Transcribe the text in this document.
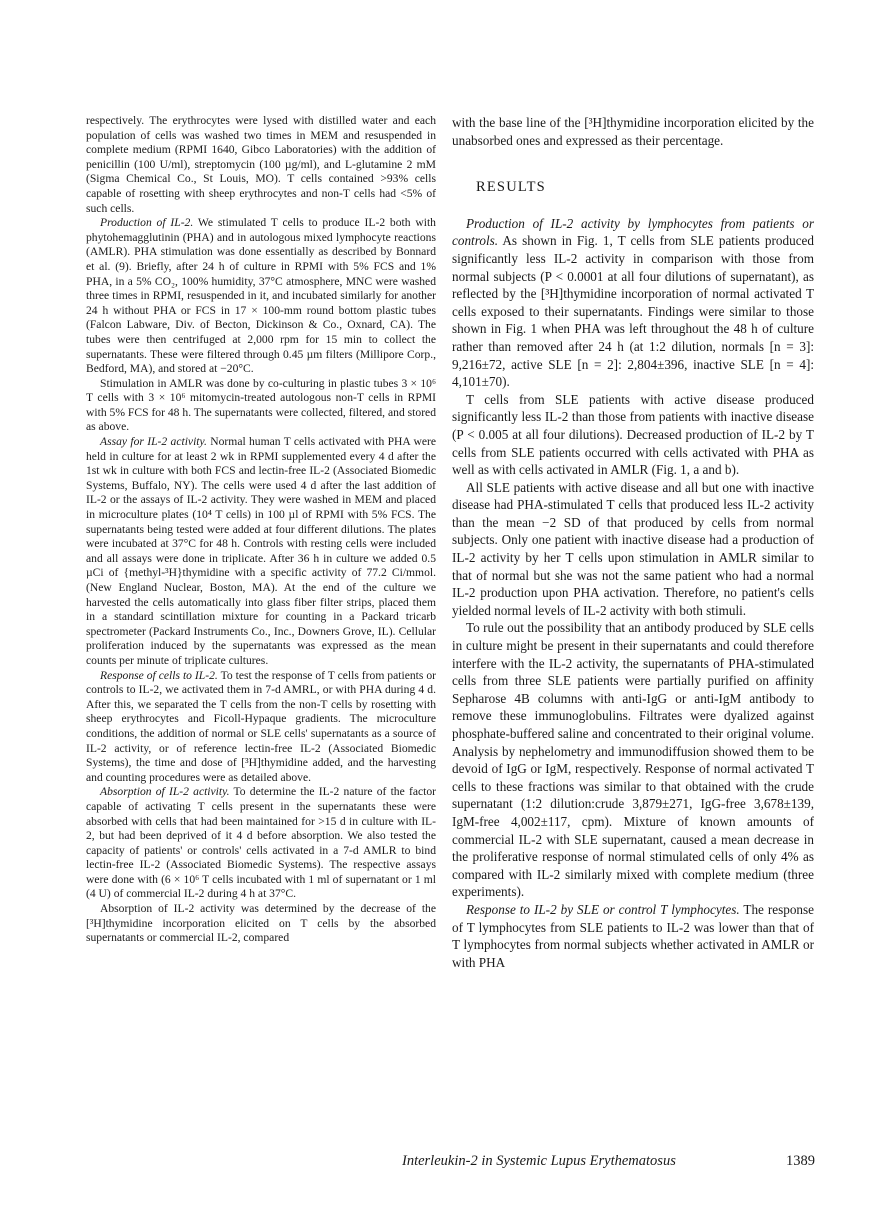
respectively. The erythrocytes were lysed with distilled water and each population of cells was washed two times in MEM and resuspended in complete medium (RPMI 1640, Gibco Laboratories) with the addition of penicillin (100 U/ml), streptomycin (100 µg/ml), and L-glutamine 2 mM (Sigma Chemical Co., St Louis, MO). T cells contained >93% cells capable of rosetting with sheep erythrocytes and non-T cells had <5% of such cells.

Production of IL-2. We stimulated T cells to produce IL-2 both with phytohemagglutinin (PHA) and in autologous mixed lymphocyte reactions (AMLR). PHA stimulation was done essentially as described by Bonnard et al. (9). Briefly, after 24 h of culture in RPMI with 5% FCS and 1% PHA, in a 5% CO₂, 100% humidity, 37°C atmosphere, MNC were washed three times in RPMI, resuspended in it, and incubated similarly for another 24 h without PHA or FCS in 17 × 100-mm round bottom plastic tubes (Falcon Labware, Div. of Becton, Dickinson & Co., Oxnard, CA). The tubes were then centrifuged at 2,000 rpm for 15 min to collect the supernatants. These were filtered through 0.45 µm filters (Millipore Corp., Bedford, MA), and stored at −20°C.

Stimulation in AMLR was done by co-culturing in plastic tubes 3 × 10⁶ T cells with 3 × 10⁶ mitomycin-treated autologous non-T cells in RPMI with 5% FCS for 48 h. The supernatants were collected, filtered, and stored as above.

Assay for IL-2 activity. Normal human T cells activated with PHA were held in culture for at least 2 wk in RPMI supplemented every 4 d after the 1st wk in culture with both FCS and lectin-free IL-2 (Associated Biomedic Systems, Buffalo, NY). The cells were used 4 d after the last addition of IL-2 or the assays of IL-2 activity. They were washed in MEM and placed in microculture plates (10⁴ T cells) in 100 µl of RPMI with 5% FCS. The supernatants being tested were added at four different dilutions. The plates were incubated at 37°C for 48 h. Controls with resting cells were included and all assays were done in triplicate. After 36 h in culture we added 0.5 µCi of {methyl-³H}thymidine with a specific activity of 77.2 Ci/mmol. (New England Nuclear, Boston, MA). At the end of the culture we harvested the cells automatically into glass fiber filter strips, placed them in a standard scintillation mixture for counting in a Packard tricarb spectrometer (Packard Instruments Co., Inc., Downers Grove, IL). Cellular proliferation induced by the supernatants was expressed as the mean counts per minute of triplicate cultures.

Response of cells to IL-2. To test the response of T cells from patients or controls to IL-2, we activated them in 7-d AMRL, or with PHA during 4 d. After this, we separated the T cells from the non-T cells by rosetting with sheep erythrocytes and Ficoll-Hypaque gradients. The microculture conditions, the addition of normal or SLE cells' supernatants as a source of IL-2 activity, or of reference lectin-free IL-2 (Associated Biomedic Systems), the time and dose of [³H]thymidine added, and the harvesting and counting procedures were as detailed above.

Absorption of IL-2 activity. To determine the IL-2 nature of the factor capable of activating T cells present in the supernatants these were absorbed with cells that had been maintained for >15 d in culture with IL-2, but had been deprived of it 4 d before absorption. We also tested the capacity of patients' or controls' cells activated in a 7-d AMLR to bind lectin-free IL-2 (Associated Biomedic Systems). The respective assays were done with (6 × 10⁶ T cells incubated with 1 ml of supernatant or 1 ml (4 U) of commercial IL-2 during 4 h at 37°C.

Absorption of IL-2 activity was determined by the decrease of the [³H]thymidine incorporation elicited on T cells by the absorbed supernatants or commercial IL-2, compared

with the base line of the [³H]thymidine incorporation elicited by the unabsorbed ones and expressed as their percentage.

RESULTS

Production of IL-2 activity by lymphocytes from patients or controls. As shown in Fig. 1, T cells from SLE patients produced significantly less IL-2 activity in comparison with those from normal subjects (P < 0.0001 at all four dilutions of supernatant), as reflected by the [³H]thymidine incorporation of normal activated T cells exposed to their supernatants. Findings were similar to those shown in Fig. 1 when PHA was left throughout the 48 h of culture rather than removed after 24 h (at 1:2 dilution, normals [n = 3]: 9,216±72, active SLE [n = 2]: 2,804±396, inactive SLE [n = 4]: 4,101±70).

T cells from SLE patients with active disease produced significantly less IL-2 than those from patients with inactive disease (P < 0.005 at all four dilutions). Decreased production of IL-2 by T cells from SLE patients occurred with cells activated with PHA as well as with cells activated in AMLR (Fig. 1, a and b).

All SLE patients with active disease and all but one with inactive disease had PHA-stimulated T cells that produced less IL-2 activity than the mean −2 SD of that produced by cells from normal subjects. Only one patient with inactive disease had a production of IL-2 activity by her T cells upon stimulation in AMLR similar to that of normal but she was not the same patient who had a normal IL-2 production upon PHA activation. Therefore, no patient's cells yielded normal levels of IL-2 activity with both stimuli.

To rule out the possibility that an antibody produced by SLE cells in culture might be present in their supernatants and could therefore interfere with the IL-2 activity, the supernatants of PHA-stimulated cells from three SLE patients were partially purified on affinity Sepharose 4B columns with anti-IgG or anti-IgM antibody to remove these immunoglobulins. Filtrates were dyalized against phosphate-buffered saline and concentrated to their original volume. Analysis by nephelometry and immunodiffusion showed them to be devoid of IgG or IgM, respectively. Response of normal activated T cells to these fractions was similar to that obtained with the crude supernatant (1:2 dilution:crude 3,879±271, IgG-free 3,678±139, IgM-free 4,002±117, cpm). Mixture of known amounts of commercial IL-2 with SLE supernatant, caused a mean decrease in the proliferative response of normal stimulated cells of only 4% as compared with IL-2 similarly mixed with complete medium (three experiments).

Response to IL-2 by SLE or control T lymphocytes. The response of T lymphocytes from SLE patients to IL-2 was lower than that of T lymphocytes from normal subjects whether activated in AMLR or with PHA

Interleukin-2 in Systemic Lupus Erythematosus	1389
